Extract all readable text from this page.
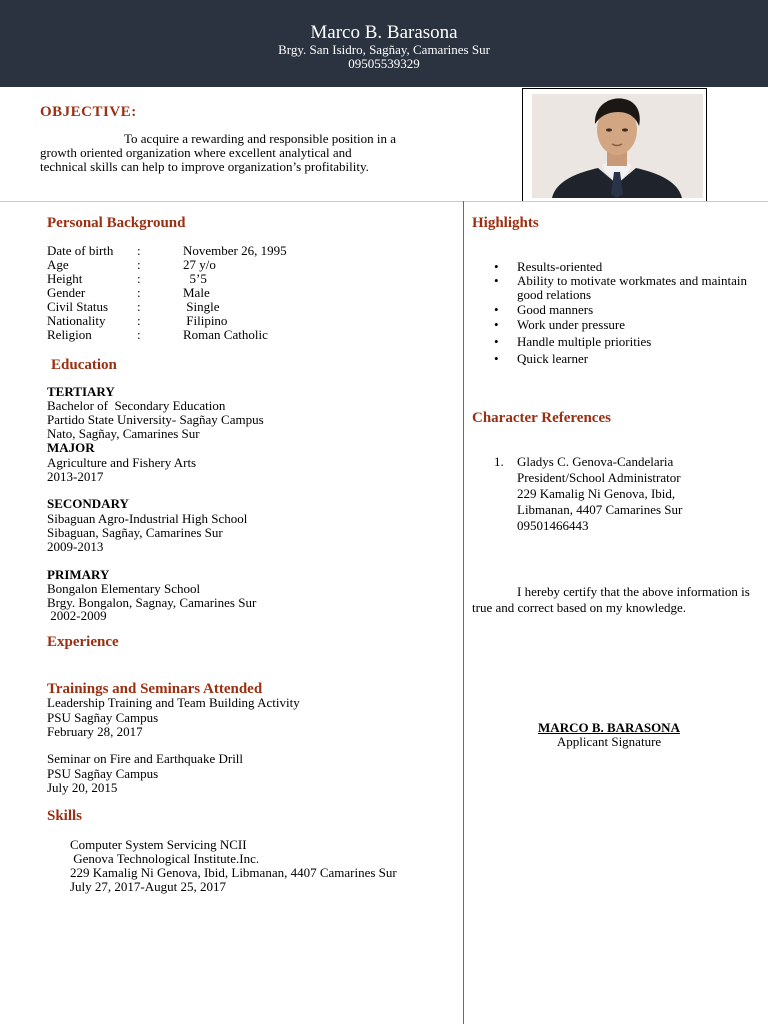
Marco B. Barasona
Brgy. San Isidro, Sagñay, Camarines Sur
09505539329
OBJECTIVE:
To acquire a rewarding and responsible position in a
growth oriented organization where excellent analytical and
technical skills can help to improve organization’s profitability.
Personal Background
Date of birth :	November 26, 1995
Age	:	27 y/o
Height	:	5’5
Gender	:	Male
Civil Status :	Single
Nationality :	Filipino
Religion	:	Roman Catholic
Education
TERTIARY
Bachelor of  Secondary Education
Partido State University- Sagñay Campus
Nato, Sagñay, Camarines Sur
MAJOR
Agriculture and Fishery Arts
2013-2017
SECONDARY
Sibaguan Agro-Industrial High School
Sibaguan, Sagñay, Camarines Sur
2009-2013
PRIMARY
Bongalon Elementary School
Brgy. Bongalon, Sagnay, Camarines Sur
2002-2009
Experience
Trainings and Seminars Attended
Leadership Training and Team Building Activity
PSU Sagñay Campus
February 28, 2017
Seminar on Fire and Earthquake Drill
PSU Sagñay Campus
July 20, 2015
Skills
Computer System Servicing NCII
Genova Technological Institute.Inc.
229 Kamalig Ni Genova, Ibid, Libmanan, 4407 Camarines Sur
July 27, 2017-Augut 25, 2017
Highlights
• Results-oriented
• Ability to motivate workmates and maintain good relations
• Good manners
• Work under pressure
• Handle multiple priorities
• Quick learner
Character References
1. Gladys C. Genova-Candelaria
President/School Administrator
229 Kamalig Ni Genova, Ibid,
Libmanan, 4407 Camarines Sur
09501466443
I hereby certify that the above information is true and correct based on my knowledge.
MARCO B. BARASONA
Applicant Signature
